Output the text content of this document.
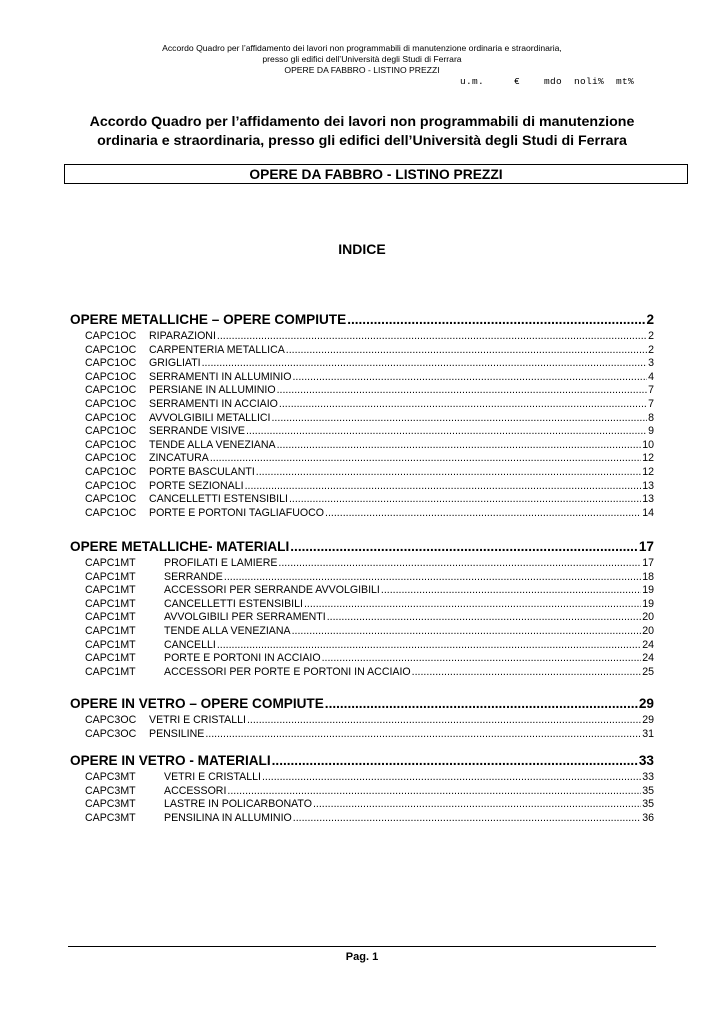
Accordo Quadro per l’affidamento dei lavori non programmabili di manutenzione ordinaria e straordinaria,
presso gli edifici dell’Università degli Studi di Ferrara
OPERE DA FABBRO - LISTINO PREZZI
u.m.     €    mdo  noli%  mt%
Accordo Quadro per l’affidamento dei lavori non programmabili di manutenzione
ordinaria e straordinaria, presso gli edifici dell’Università degli Studi di Ferrara
OPERE DA FABBRO - LISTINO PREZZI
INDICE
OPERE METALLICHE – OPERE COMPIUTE .....	2
CAPC1OC	RIPARAZIONI .....	2
CAPC1OC	CARPENTERIA METALLICA .....	2
CAPC1OC	GRIGLIATI .....	3
CAPC1OC	SERRAMENTI IN ALLUMINIO .....	4
CAPC1OC	PERSIANE IN ALLUMINIO .....	7
CAPC1OC	SERRAMENTI IN ACCIAIO .....	7
CAPC1OC	AVVOLGIBILI METALLICI .....	8
CAPC1OC	SERRANDE VISIVE .....	9
CAPC1OC	TENDE ALLA VENEZIANA .....	10
CAPC1OC	ZINCATURA .....	12
CAPC1OC	PORTE BASCULANTI .....	12
CAPC1OC	PORTE SEZIONALI .....	13
CAPC1OC	CANCELLETTI ESTENSIBILI .....	13
CAPC1OC	PORTE E PORTONI TAGLIAFUOCO .....	14
OPERE METALLICHE- MATERIALI .....	17
CAPC1MT	PROFILATI E LAMIERE .....	17
CAPC1MT	SERRANDE .....	18
CAPC1MT	ACCESSORI PER SERRANDE AVVOLGIBILI .....	19
CAPC1MT	CANCELLETTI ESTENSIBILI .....	19
CAPC1MT	AVVOLGIBILI PER SERRAMENTI .....	20
CAPC1MT	TENDE ALLA VENEZIANA .....	20
CAPC1MT	CANCELLI .....	24
CAPC1MT	PORTE E PORTONI IN ACCIAIO .....	24
CAPC1MT	ACCESSORI PER PORTE E PORTONI IN ACCIAIO .....	25
OPERE IN VETRO – OPERE COMPIUTE .....	29
CAPC3OC	VETRI E CRISTALLI .....	29
CAPC3OC	PENSILINE .....	31
OPERE IN VETRO - MATERIALI .....	33
CAPC3MT	VETRI E CRISTALLI .....	33
CAPC3MT	ACCESSORI .....	35
CAPC3MT	LASTRE IN POLICARBONATO .....	35
CAPC3MT	PENSILINA IN ALLUMINIO .....	36
Pag. 1
